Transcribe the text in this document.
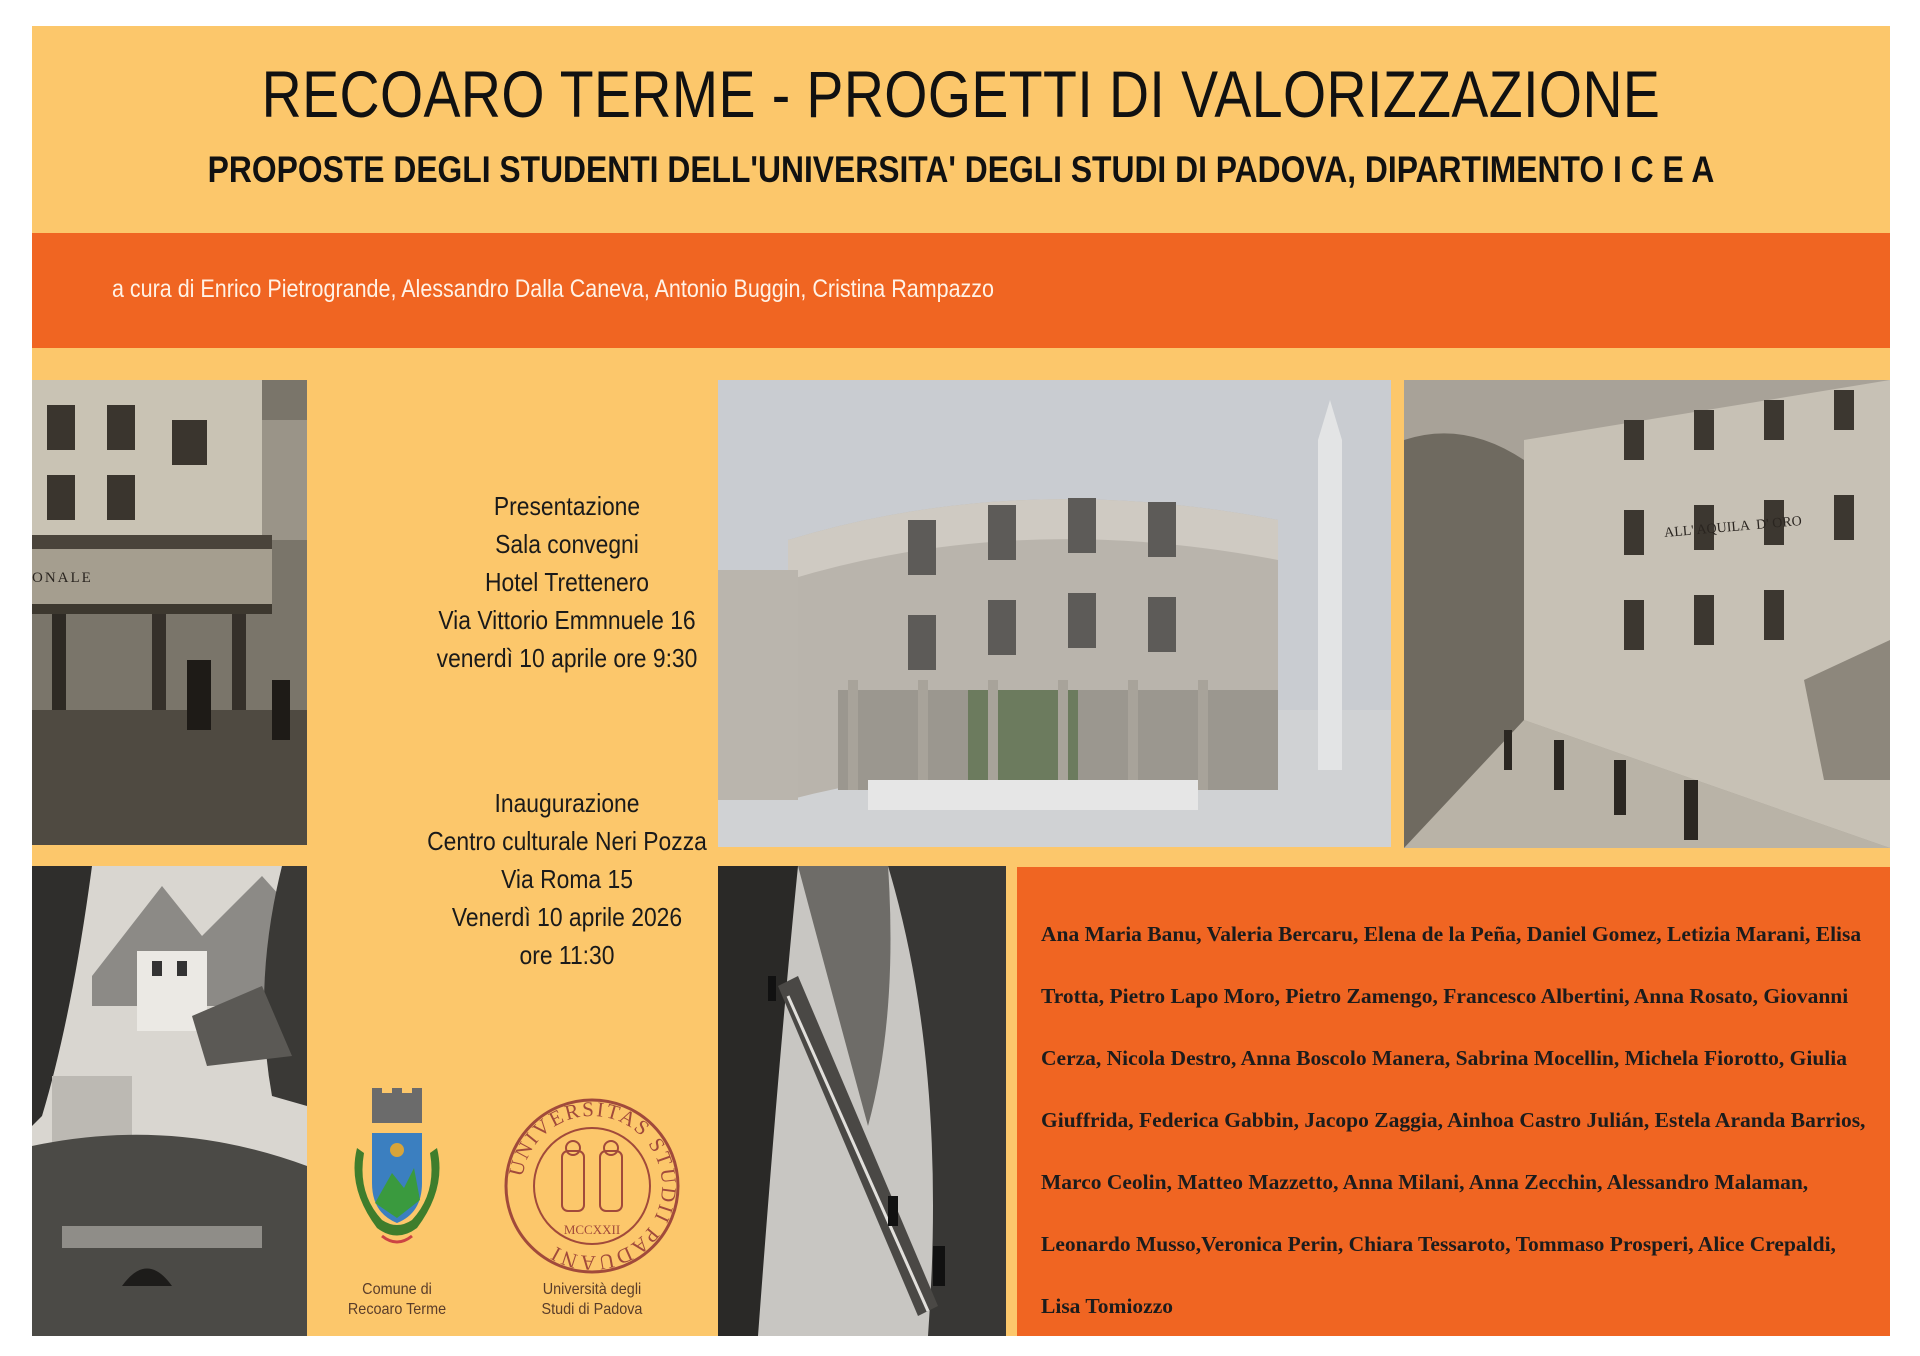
a cura di Enrico Pietrogrande, Alessandro Dalla Caneva, Antonio Buggin, Cristina Rampazzo
RECOARO TERME - PROGETTI DI VALORIZZAZIONE
PROPOSTE DEGLI STUDENTI DELL'UNIVERSITA' DEGLI STUDI DI PADOVA, DIPARTIMENTO I C E A
ONALE
ALL' AQUILA  D' ORO
Presentazione
Sala convegni
Hotel Trettenero
Via Vittorio Emmnuele 16
venerdì 10 aprile ore 9:30
Inaugurazione
Centro culturale Neri Pozza
Via Roma 15
Venerdì 10 aprile 2026
ore 11:30
Comune di
Recoaro Terme
UNIVERSITAS STUDII PADUANI
MCCXXII
Università degli
Studi di Padova
Ana Maria Banu, Valeria Bercaru, Elena de la Peña, Daniel Gomez, Letizia Marani, Elisa Trotta, Pietro Lapo Moro, Pietro Zamengo, Francesco Albertini, Anna Rosato, Giovanni Cerza, Nicola Destro, Anna Boscolo Manera, Sabrina Mocellin, Michela Fiorotto, Giulia Giuffrida, Federica Gabbin, Jacopo Zaggia, Ainhoa Castro Julián, Estela Aranda Barrios, Marco Ceolin, Matteo Mazzetto, Anna Milani, Anna Zecchin, Alessandro Malaman, Leonardo Musso,Veronica Perin, Chiara Tessaroto, Tommaso Prosperi, Alice Crepaldi, Lisa Tomiozzo
